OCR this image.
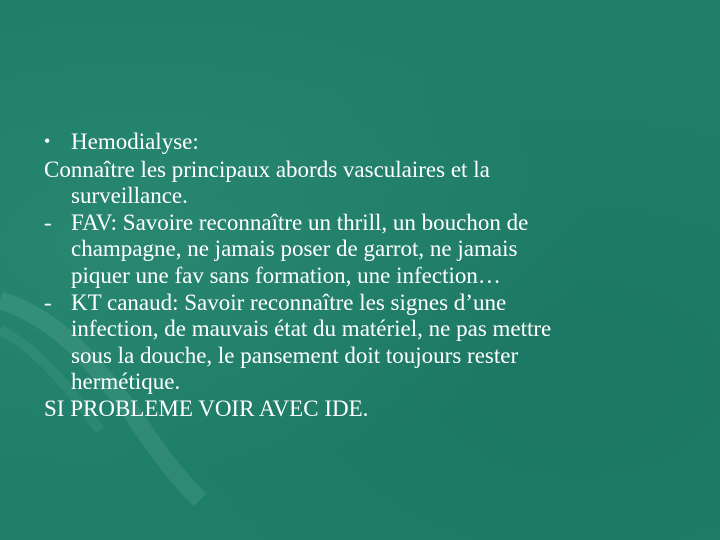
• Hemodialyse:
Connaître les principaux abords vasculaires et la
surveillance.
- FAV: Savoire reconnaître un thrill, un bouchon de
champagne, ne jamais poser de garrot, ne jamais
piquer une fav sans formation, une infection…
- KT canaud: Savoir reconnaître les signes d’une
infection, de mauvais état du matériel, ne pas mettre
sous la douche, le pansement doit toujours rester
hermétique.
SI PROBLEME VOIR AVEC IDE.
